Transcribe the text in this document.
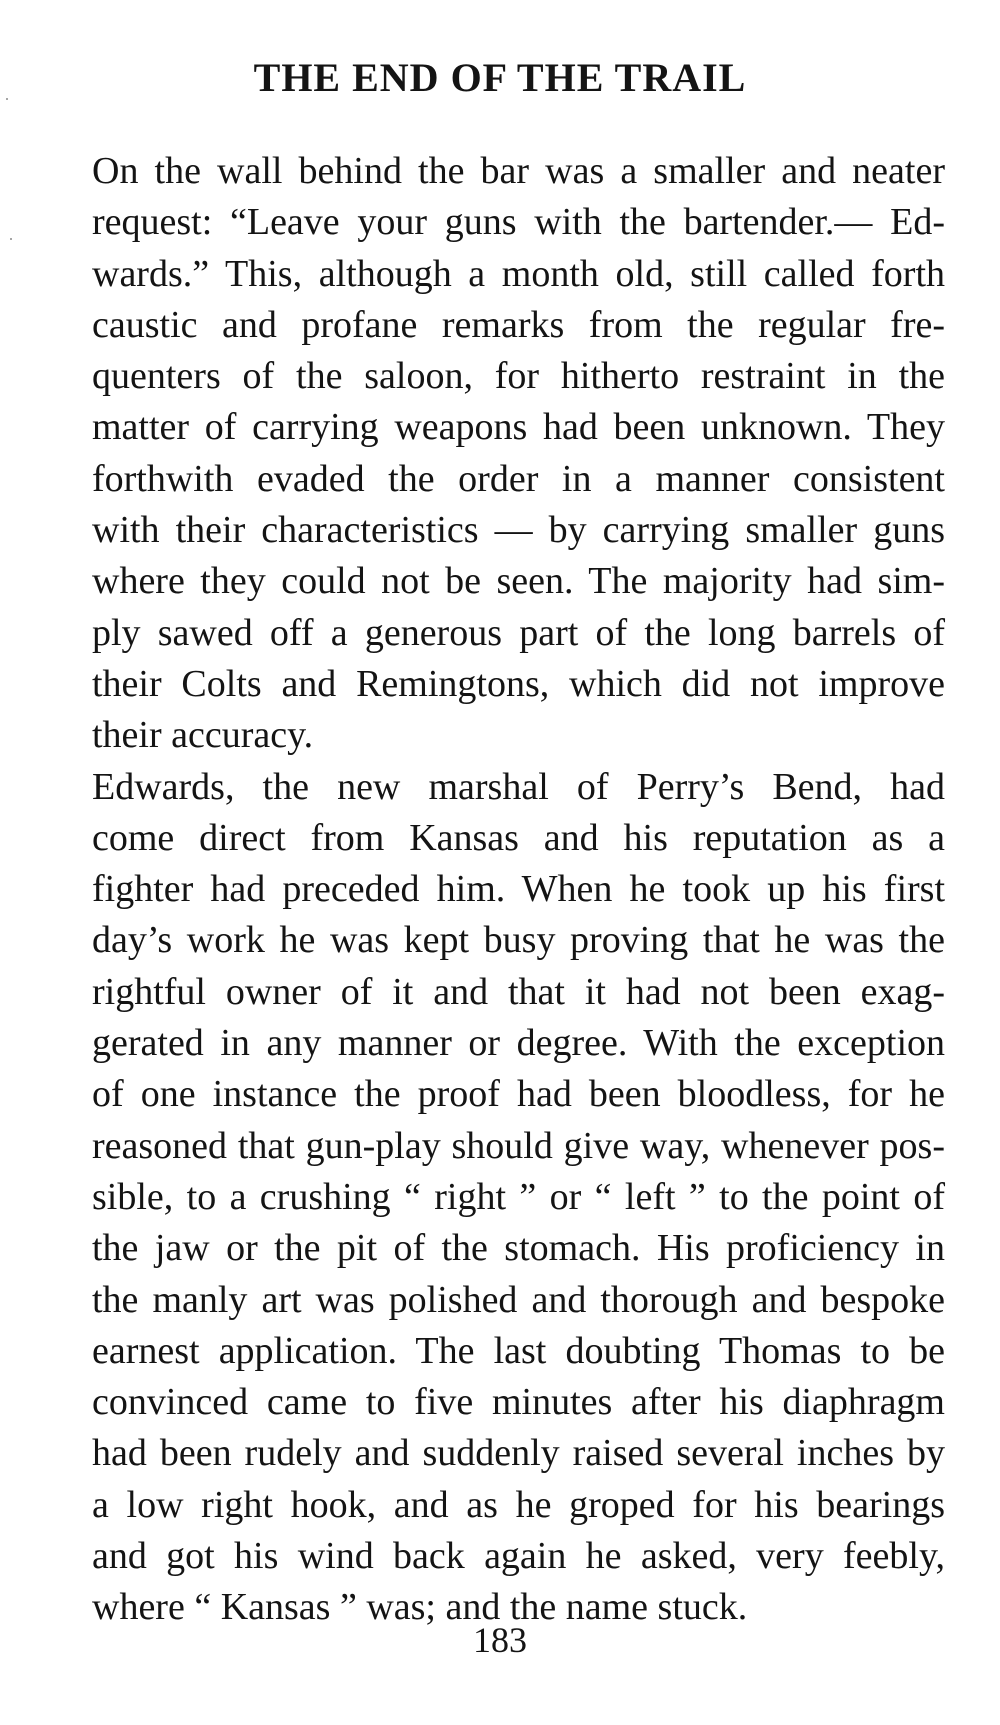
THE END OF THE TRAIL
On the wall behind the bar was a smaller and neater
request: “Leave your guns with the bartender.— Ed-
wards.” This, although a month old, still called forth
caustic and profane remarks from the regular fre-
quenters of the saloon, for hitherto restraint in the
matter of carrying weapons had been unknown. They
forthwith evaded the order in a manner consistent
with their characteristics — by carrying smaller guns
where they could not be seen. The majority had sim-
ply sawed off a generous part of the long barrels of
their Colts and Remingtons, which did not improve
their accuracy.
Edwards, the new marshal of Perry’s Bend, had
come direct from Kansas and his reputation as a
fighter had preceded him. When he took up his first
day’s work he was kept busy proving that he was the
rightful owner of it and that it had not been exag-
gerated in any manner or degree. With the exception
of one instance the proof had been bloodless, for he
reasoned that gun-play should give way, whenever pos-
sible, to a crushing “ right ” or “ left ” to the point of
the jaw or the pit of the stomach. His proficiency in
the manly art was polished and thorough and bespoke
earnest application. The last doubting Thomas to be
convinced came to five minutes after his diaphragm
had been rudely and suddenly raised several inches by
a low right hook, and as he groped for his bearings
and got his wind back again he asked, very feebly,
where “ Kansas ” was; and the name stuck.
183
